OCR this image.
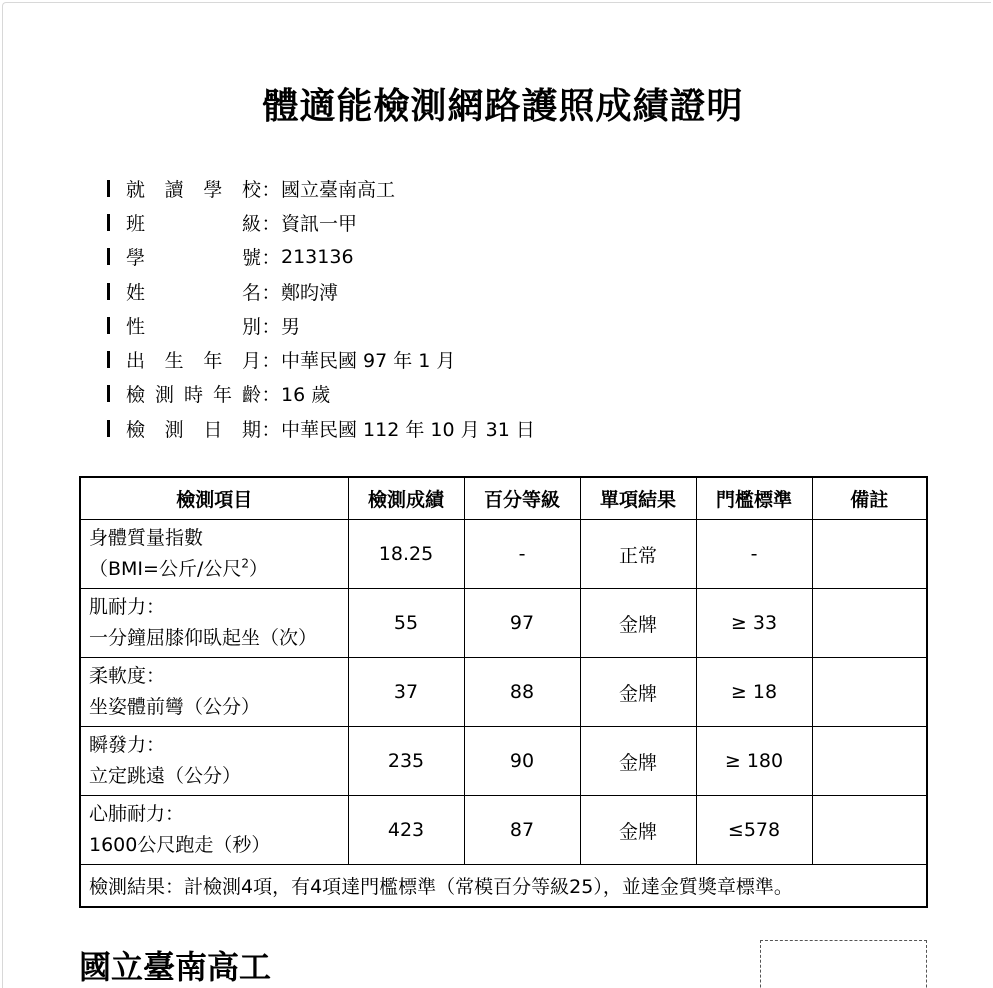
體適能檢測網路護照成績證明
就讀學校 ： 國立臺南高工
班級 ： 資訊一甲
學號 ： 213136
姓名 ： 鄭昀溥
性別 ： 男
出生年月 ： 中華民國 97 年 1 月
檢測時年齡 ： 16 歲
檢測日期 ： 中華民國 112 年 10 月 31 日
檢測項目	檢測成績	百分等級	單項結果	門檻標準	備註
身體質量指數
（BMI=公斤/公尺$^2$）	18.25	-	正常	-	
肌耐力：
一分鐘屈膝仰臥起坐（次）	55	97	金牌	≥ 33	
柔軟度：
坐姿體前彎（公分）	37	88	金牌	≥ 18	
瞬發力：
立定跳遠（公分）	235	90	金牌	≥ 180	
心肺耐力：
1600公尺跑走（秒）	423	87	金牌	≤578	
檢測結果：計檢測4項，有4項達門檻標準（常模百分等級25），並達金質獎章標準。					
國立臺南高工
